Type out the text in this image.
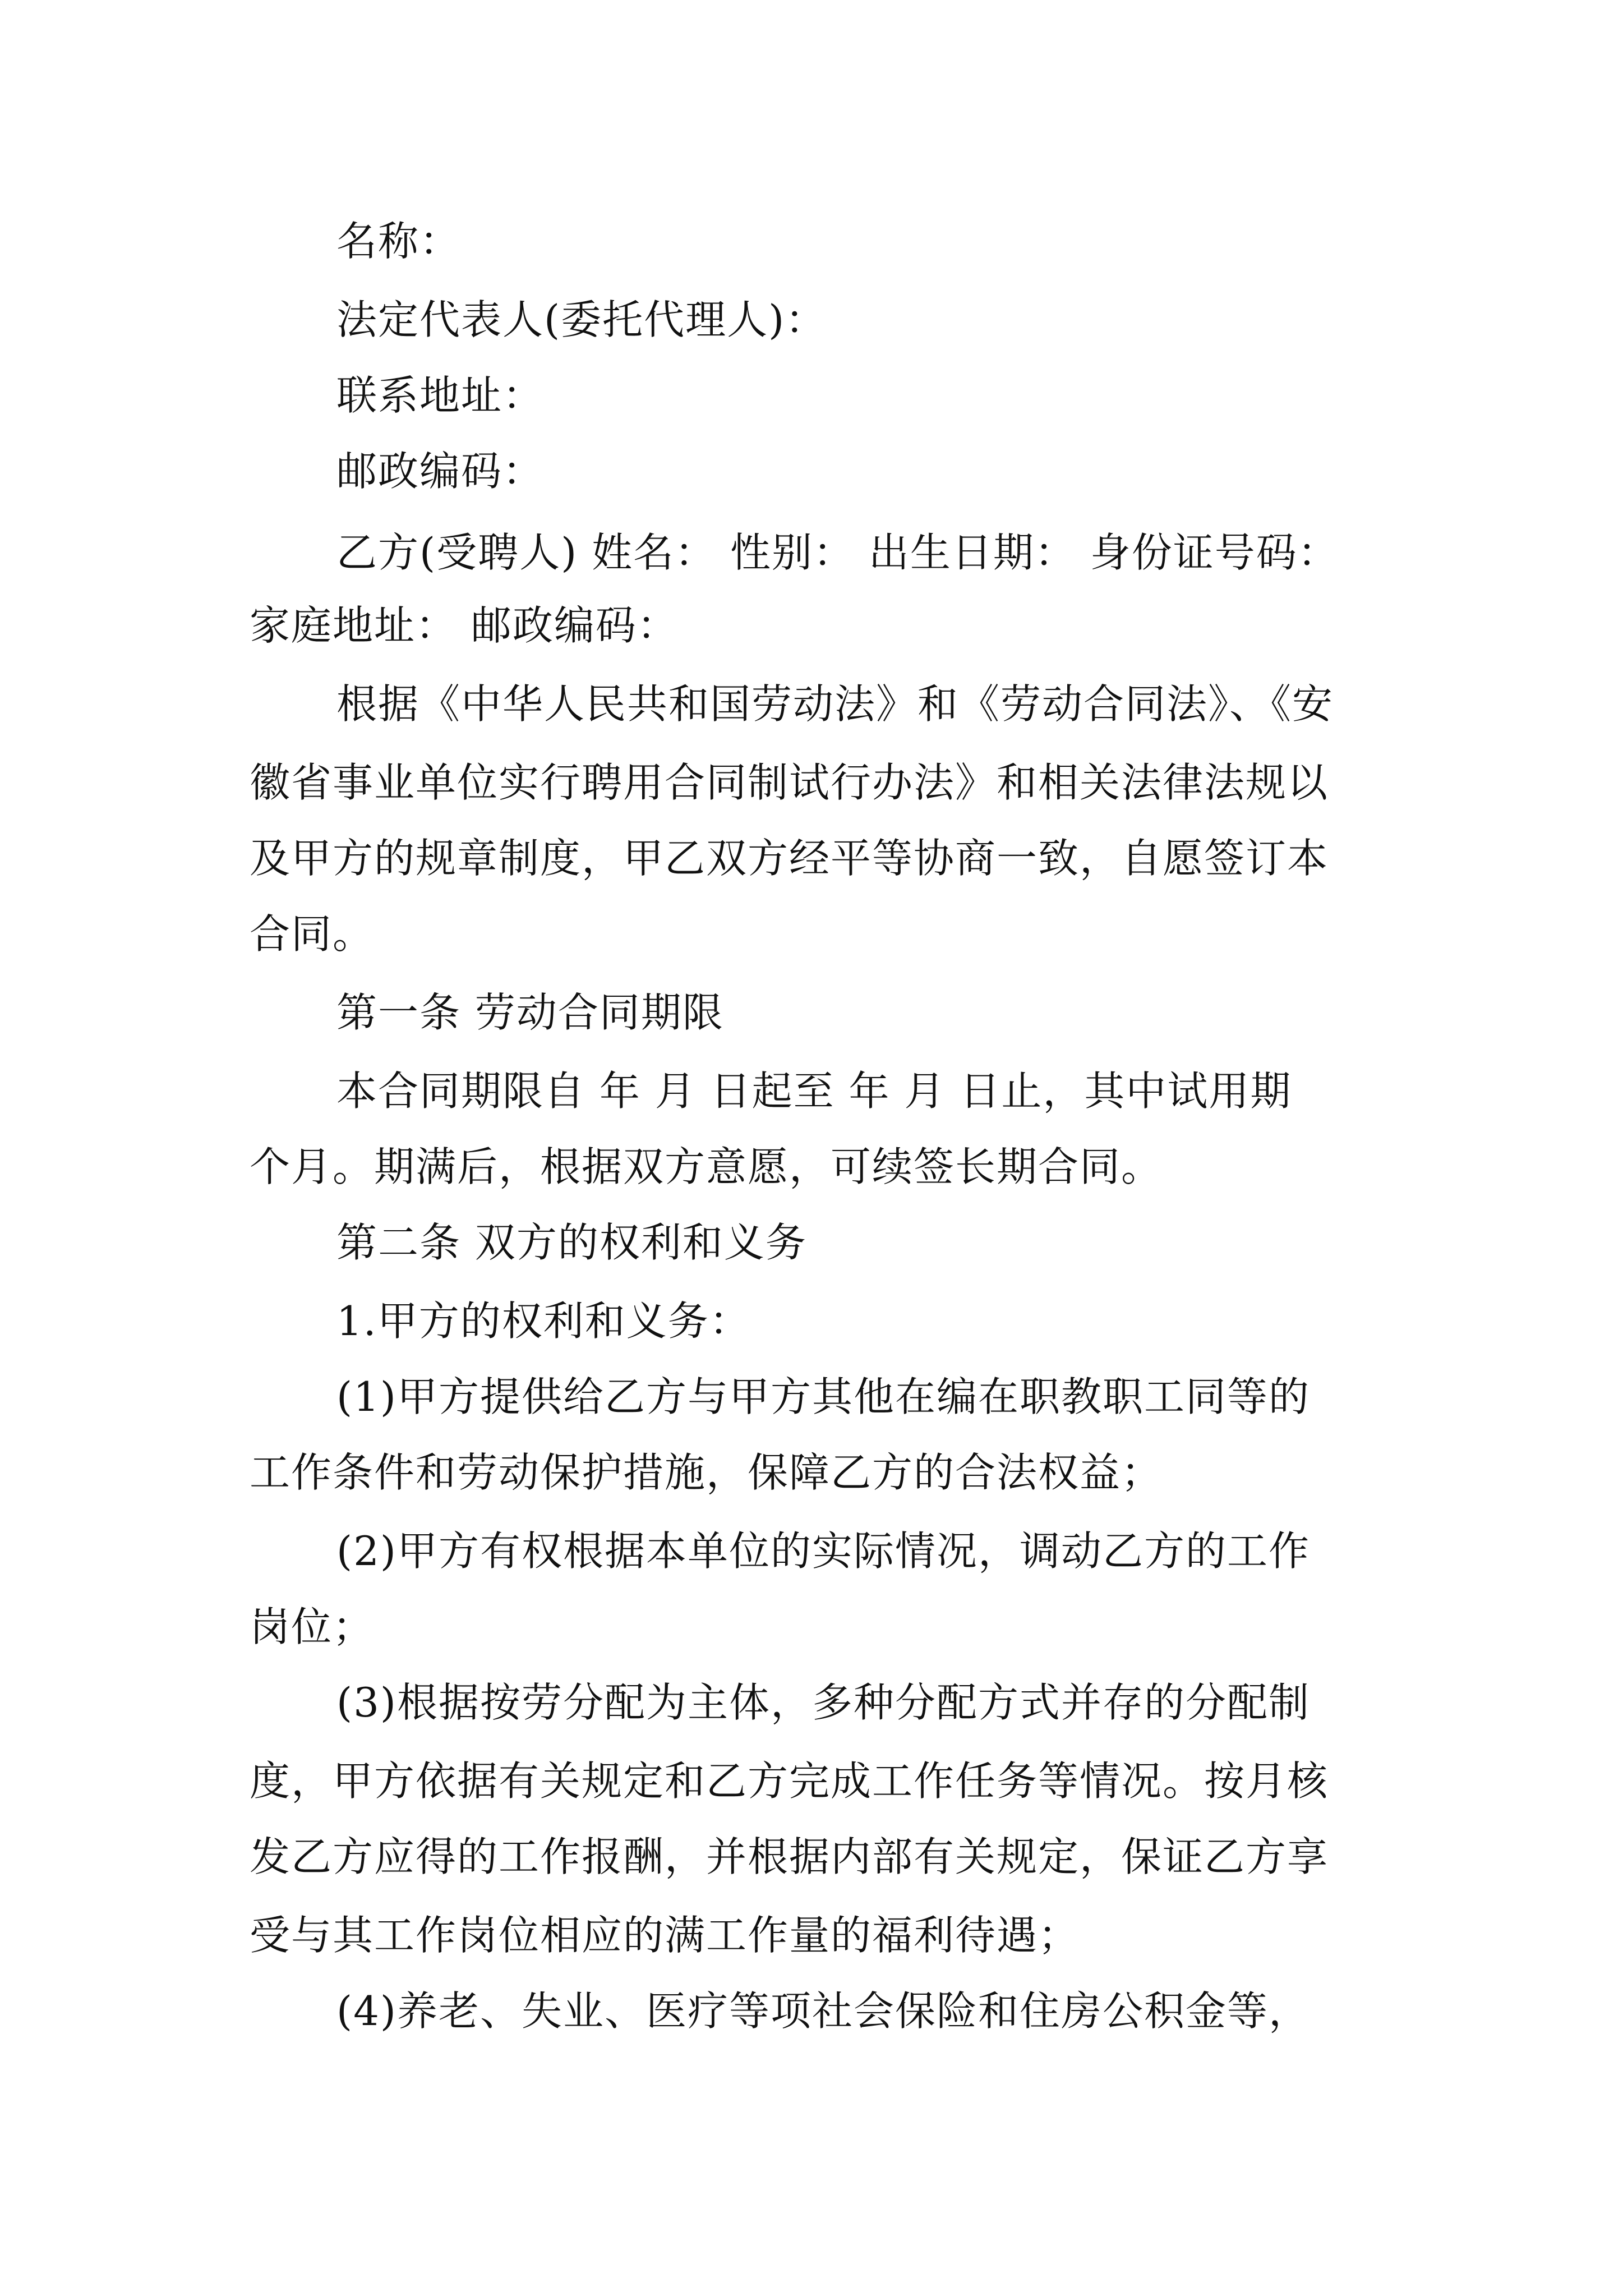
名称：
法定代表人(委托代理人)：
联系地址：
邮政编码：
乙方(受聘人) 姓名： 性别： 出生日期： 身份证号码：
家庭地址： 邮政编码：
根据《中华人民共和国劳动法》和《劳动合同法》、《安
徽省事业单位实行聘用合同制试行办法》和相关法律法规以
及甲方的规章制度，甲乙双方经平等协商一致，自愿签订本
合同。
第一条 劳动合同期限
本合同期限自 年 月 日起至 年 月 日止，其中试用期
个月。期满后，根据双方意愿，可续签长期合同。
第二条 双方的权利和义务
1.甲方的权利和义务：
(1)甲方提供给乙方与甲方其他在编在职教职工同等的
工作条件和劳动保护措施，保障乙方的合法权益；
(2)甲方有权根据本单位的实际情况，调动乙方的工作
岗位；
(3)根据按劳分配为主体，多种分配方式并存的分配制
度，甲方依据有关规定和乙方完成工作任务等情况。按月核
发乙方应得的工作报酬，并根据内部有关规定，保证乙方享
受与其工作岗位相应的满工作量的福利待遇；
(4)养老、失业、医疗等项社会保险和住房公积金等，
